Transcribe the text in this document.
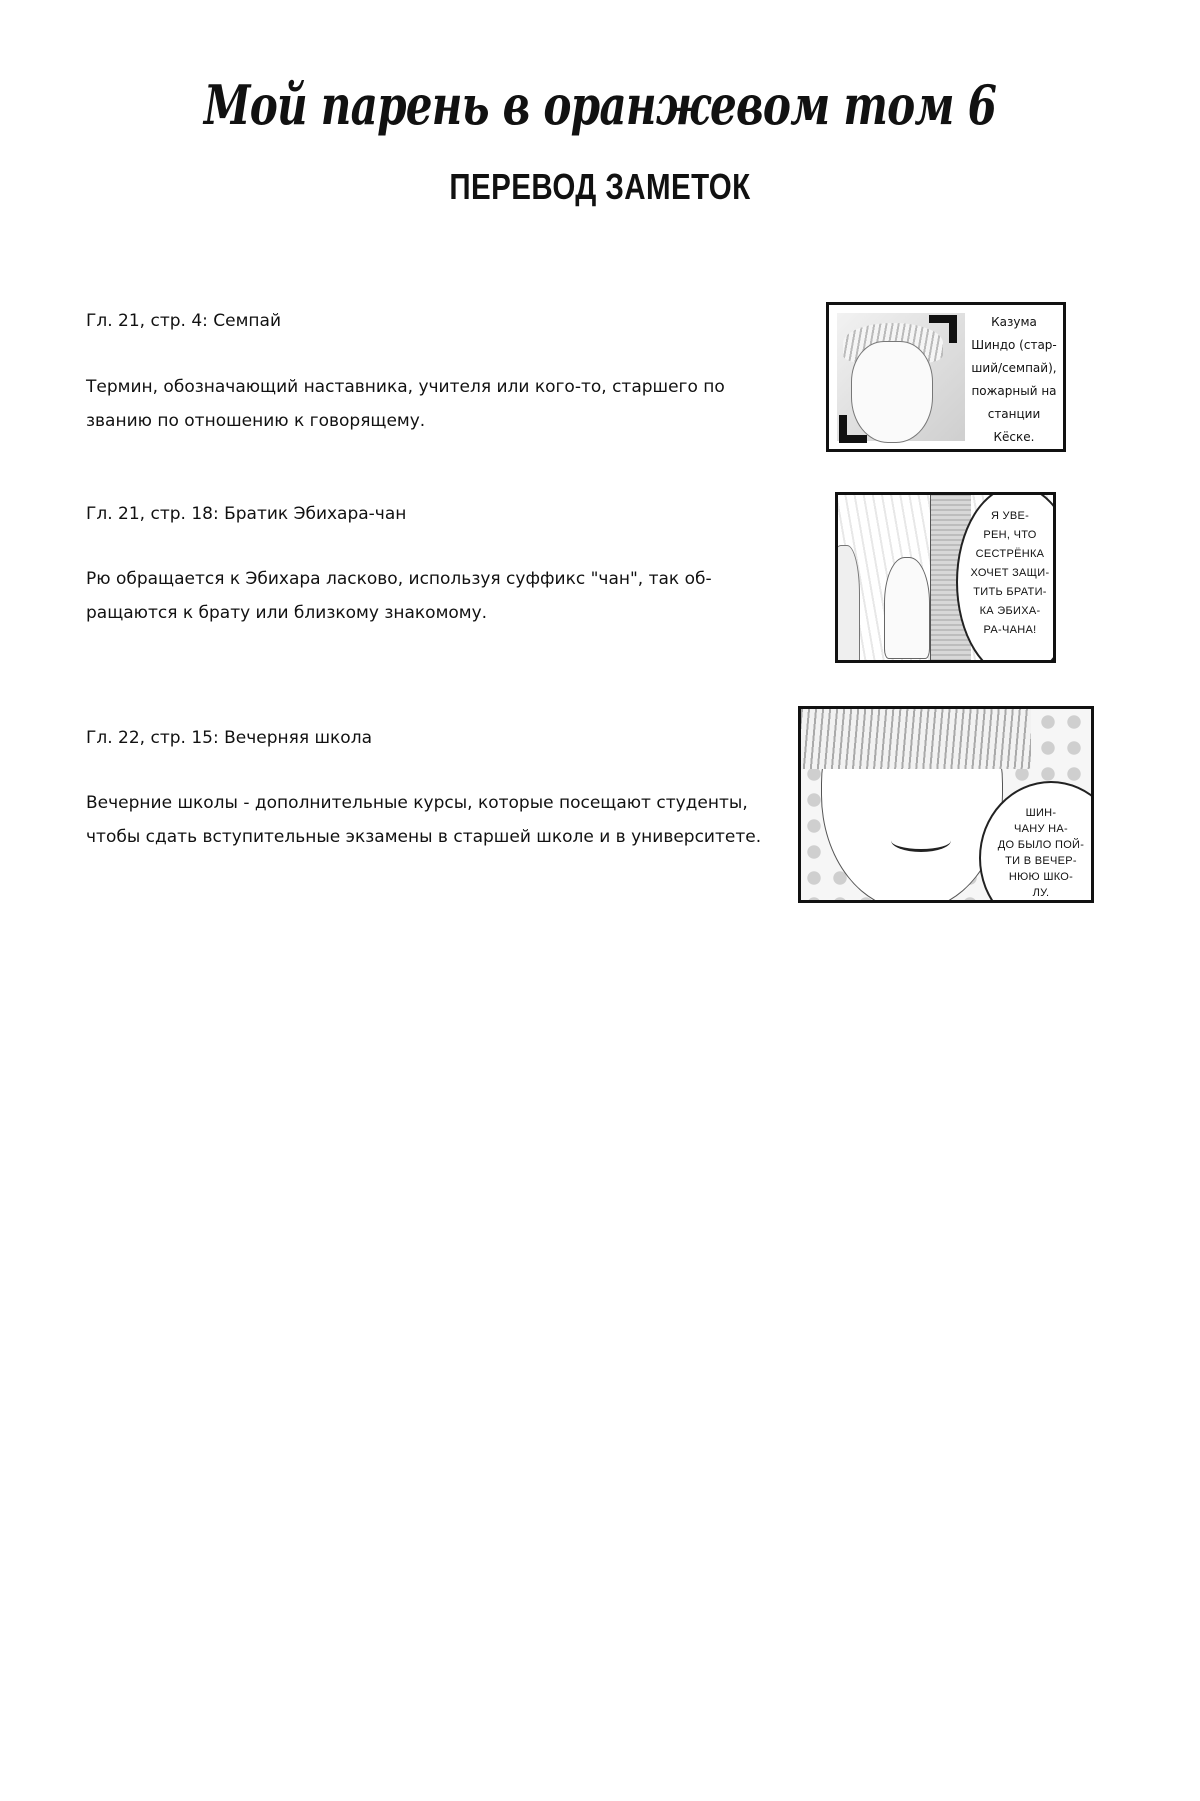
Мой парень в оранжевом том 6
ПЕРЕВОД ЗАМЕТОК
Гл. 21, стр. 4: Семпай
Термин, обозначающий наставника, учителя или кого-то, старшего по
званию по отношению к говорящему.
Казума
Шиндо (стар-
ший/семпай),
пожарный на
станции
Кёске.
Гл. 21, стр. 18: Братик Эбихара-чан
Рю обращается к Эбихара ласково, используя суффикс "чан", так об-
ращаются к брату или близкому знакомому.
Я УВЕ-
РЕН, ЧТО
СЕСТРЁНКА
ХОЧЕТ ЗАЩИ-
ТИТЬ БРАТИ-
КА ЭБИХА-
РА-ЧАНА!
Гл. 22, стр. 15: Вечерняя школа
Вечерние школы - дополнительные курсы, которые посещают студенты,
чтобы сдать вступительные экзамены в старшей школе и в университете.
ШИН-
ЧАНУ НА-
ДО БЫЛО ПОЙ-
ТИ В ВЕЧЕР-
НЮЮ ШКО-
ЛУ.
